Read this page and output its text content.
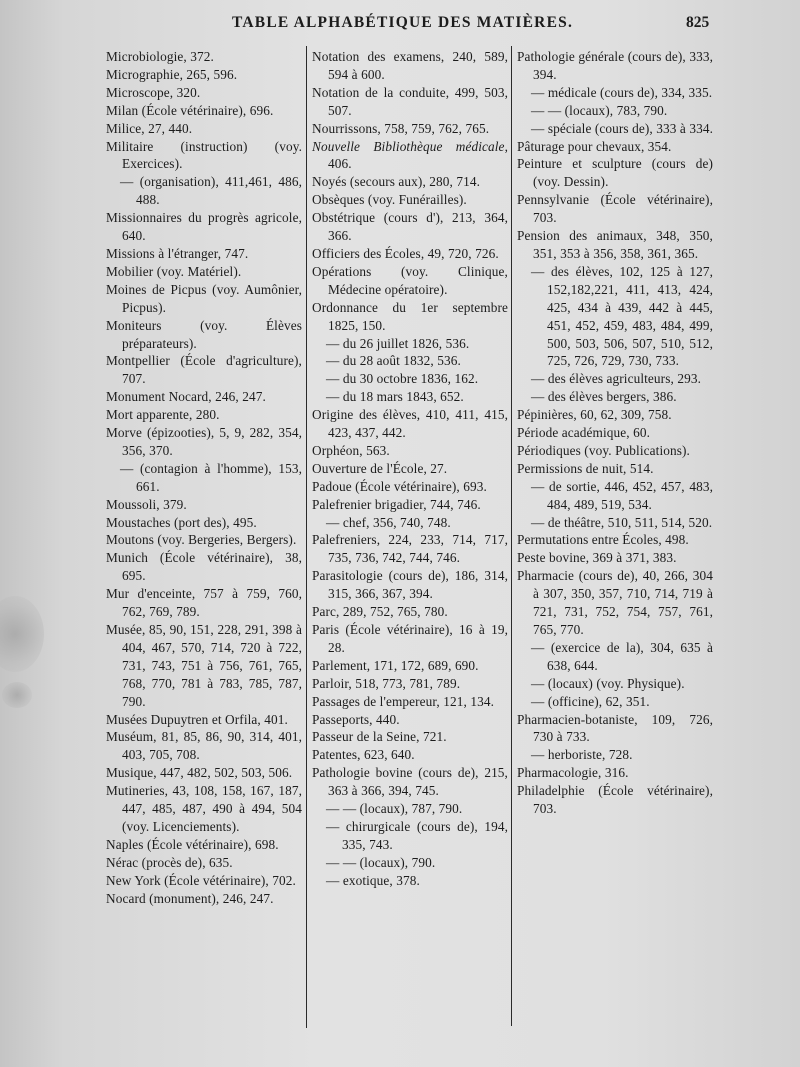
TABLE ALPHABÉTIQUE DES MATIÈRES.	825
Microbiologie, 372.
Micrographie, 265, 596.
Microscope, 320.
Milan (École vétérinaire), 696.
Milice, 27, 440.
Militaire (instruction) (voy. Exercices).
— (organisation), 411,461, 486, 488.
Missionnaires du progrès agricole, 640.
Missions à l'étranger, 747.
Mobilier (voy. Matériel).
Moines de Picpus (voy. Aumônier, Picpus).
Moniteurs (voy. Élèves préparateurs).
Montpellier (École d'agriculture), 707.
Monument Nocard, 246, 247.
Mort apparente, 280.
Morve (épizooties), 5, 9, 282, 354, 356, 370.
— (contagion à l'homme), 153, 661.
Moussoli, 379.
Moustaches (port des), 495.
Moutons (voy. Bergeries, Bergers).
Munich (École vétérinaire), 38, 695.
Mur d'enceinte, 757 à 759, 760, 762, 769, 789.
Musée, 85, 90, 151, 228, 291, 398 à 404, 467, 570, 714, 720 à 722, 731, 743, 751 à 756, 761, 765, 768, 770, 781 à 783, 785, 787, 790.
Musées Dupuytren et Orfila, 401.
Muséum, 81, 85, 86, 90, 314, 401, 403, 705, 708.
Musique, 447, 482, 502, 503, 506.
Mutineries, 43, 108, 158, 167, 187, 447, 485, 487, 490 à 494, 504 (voy. Licenciements).
Naples (École vétérinaire), 698.
Nérac (procès de), 635.
New York (École vétérinaire), 702.
Nocard (monument), 246, 247.
Notation des examens, 240, 589, 594 à 600.
Notation de la conduite, 499, 503, 507.
Nourrissons, 758, 759, 762, 765.
Nouvelle Bibliothèque médicale, 406.
Noyés (secours aux), 280, 714.
Obsèques (voy. Funérailles).
Obstétrique (cours d'), 213, 364, 366.
Officiers des Écoles, 49, 720, 726.
Opérations (voy. Clinique, Médecine opératoire).
Ordonnance du 1er septembre 1825, 150.
— du 26 juillet 1826, 536.
— du 28 août 1832, 536.
— du 30 octobre 1836, 162.
— du 18 mars 1843, 652.
Origine des élèves, 410, 411, 415, 423, 437, 442.
Orphéon, 563.
Ouverture de l'École, 27.
Padoue (École vétérinaire), 693.
Palefrenier brigadier, 744, 746.
— chef, 356, 740, 748.
Palefreniers, 224, 233, 714, 717, 735, 736, 742, 744, 746.
Parasitologie (cours de), 186, 314, 315, 366, 367, 394.
Parc, 289, 752, 765, 780.
Paris (École vétérinaire), 16 à 19, 28.
Parlement, 171, 172, 689, 690.
Parloir, 518, 773, 781, 789.
Passages de l'empereur, 121, 134.
Passeports, 440.
Passeur de la Seine, 721.
Patentes, 623, 640.
Pathologie bovine (cours de), 215, 363 à 366, 394, 745.
— — (locaux), 787, 790.
— chirurgicale (cours de), 194, 335, 743.
— — (locaux), 790.
— exotique, 378.
Pathologie générale (cours de), 333, 394.
— médicale (cours de), 334, 335.
— — (locaux), 783, 790.
— spéciale (cours de), 333 à 334.
Pâturage pour chevaux, 354.
Peinture et sculpture (cours de) (voy. Dessin).
Pennsylvanie (École vétérinaire), 703.
Pension des animaux, 348, 350, 351, 353 à 356, 358, 361, 365.
— des élèves, 102, 125 à 127, 152,182,221, 411, 413, 424, 425, 434 à 439, 442 à 445, 451, 452, 459, 483, 484, 499, 500, 503, 506, 507, 510, 512, 725, 726, 729, 730, 733.
— des élèves agriculteurs, 293.
— des élèves bergers, 386.
Pépinières, 60, 62, 309, 758.
Période académique, 60.
Périodiques (voy. Publications).
Permissions de nuit, 514.
— de sortie, 446, 452, 457, 483, 484, 489, 519, 534.
— de théâtre, 510, 511, 514, 520.
Permutations entre Écoles, 498.
Peste bovine, 369 à 371, 383.
Pharmacie (cours de), 40, 266, 304 à 307, 350, 357, 710, 714, 719 à 721, 731, 752, 754, 757, 761, 765, 770.
— (exercice de la), 304, 635 à 638, 644.
— (locaux) (voy. Physique).
— (officine), 62, 351.
Pharmacien-botaniste, 109, 726, 730 à 733.
— herboriste, 728.
Pharmacologie, 316.
Philadelphie (École vétérinaire), 703.
